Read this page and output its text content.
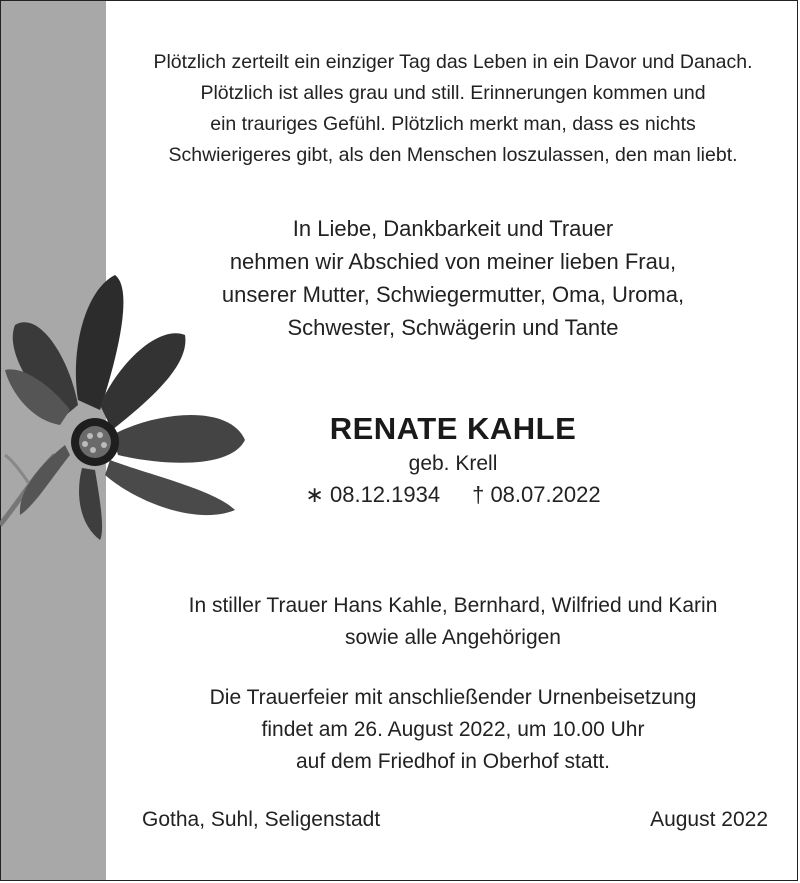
Plötzlich zerteilt ein einziger Tag das Leben in ein Davor und Danach.
Plötzlich ist alles grau und still. Erinnerungen kommen und
ein trauriges Gefühl. Plötzlich merkt man, dass es nichts
Schwierigeres gibt, als den Menschen loszulassen, den man liebt.
In Liebe, Dankbarkeit und Trauer
nehmen wir Abschied von meiner lieben Frau,
unserer Mutter, Schwiegermutter, Oma, Uroma,
Schwester, Schwägerin und Tante
RENATE KAHLE
geb. Krell
∗ 08.12.1934 † 08.07.2022
In stiller Trauer Hans Kahle, Bernhard, Wilfried und Karin
sowie alle Angehörigen
Die Trauerfeier mit anschließender Urnenbeisetzung
findet am 26. August 2022, um 10.00 Uhr
auf dem Friedhof in Oberhof statt.
Gotha, Suhl, Seligenstadt	August 2022
